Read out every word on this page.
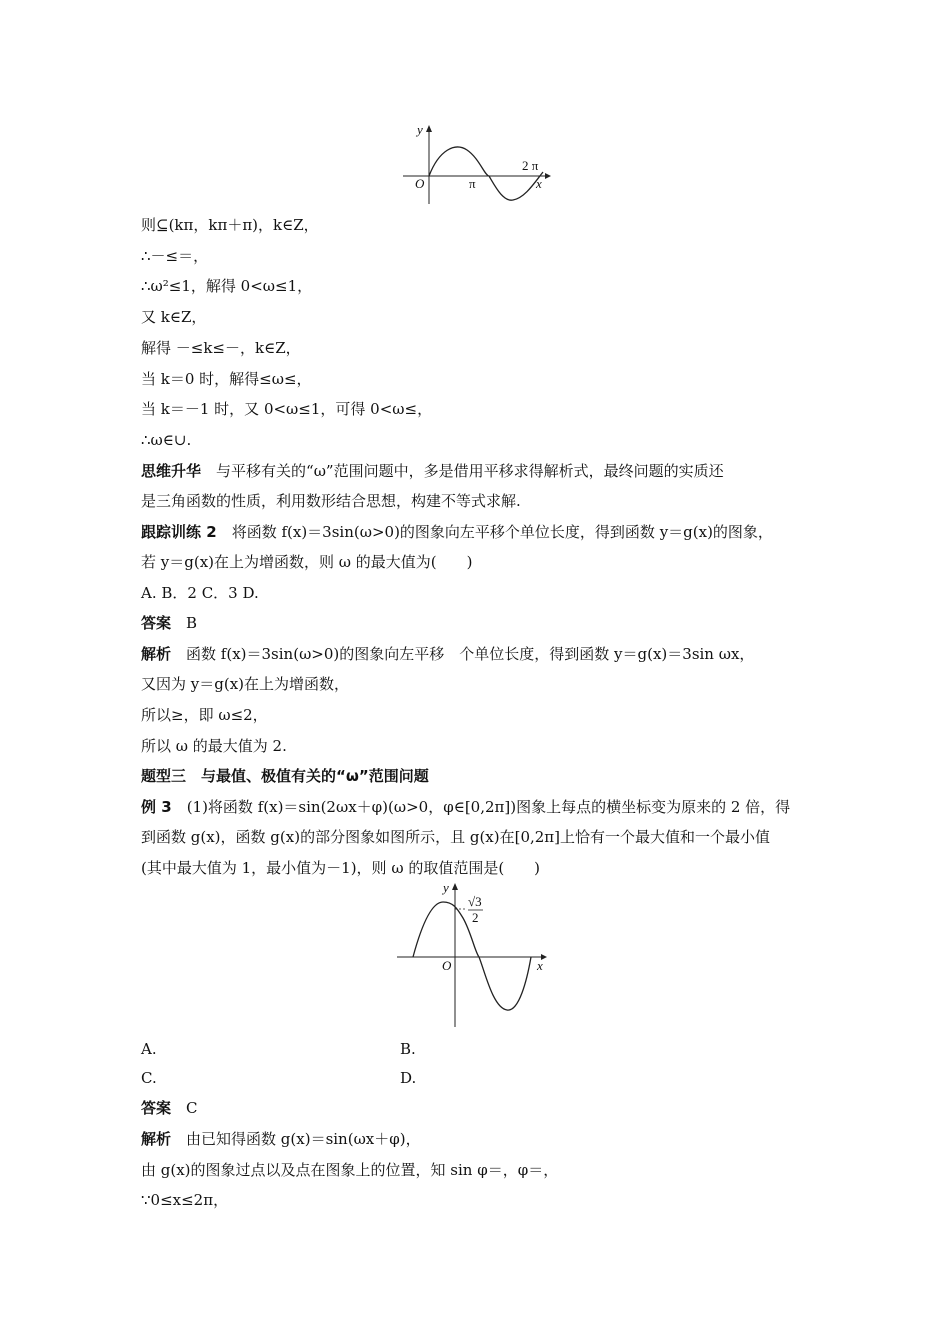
y
O	π
2 π
x
则⊆(kπ，kπ＋π)，k∈Z，
∴－≤＝，
∴ω²≤1，解得 0<ω≤1，
又 k∈Z，
解得 －≤k≤－，k∈Z，
当 k＝0 时，解得≤ω≤，
当 k＝－1 时，又 0<ω≤1，可得 0<ω≤，
∴ω∈∪.
思维升华　 与平移有关的“ω”范围问题中，多是借用平移求得解析式，最终问题的实质还
是三角函数的性质，利用数形结合思想，构建不等式求解.
跟踪训练 2　 将函数 f(x)＝3sin(ω>0)的图象向左平移个单位长度，得到函数 y＝g(x)的图象，
若 y＝g(x)在上为增函数，则 ω 的最大值为(　　)
A. B．2 C．3 D.
答案　 B
解析　 函数 f(x)＝3sin(ω>0)的图象向左平移　个单位长度，得到函数 y＝g(x)＝3sin ωx，
又因为 y＝g(x)在上为增函数，
所以≥，即 ω≤2，
所以 ω 的最大值为 2.
题型三　与最值、极值有关的“ω”范围问题
例 3　 (1)将函数 f(x)＝sin(2ωx＋φ)(ω>0，φ∈[0,2π])图象上每点的横坐标变为原来的 2 倍，得
到函数 g(x)，函数 g(x)的部分图象如图所示，且 g(x)在[0,2π]上恰有一个最大值和一个最小值
(其中最大值为 1，最小值为－1)，则 ω 的取值范围是(　　)
y
√3
2
O	x
A.	B.
C.	D.
答案　 C
解析　 由已知得函数 g(x)＝sin(ωx＋φ)，
由 g(x)的图象过点以及点在图象上的位置，知 sin φ＝，φ＝，
∵0≤x≤2π，
